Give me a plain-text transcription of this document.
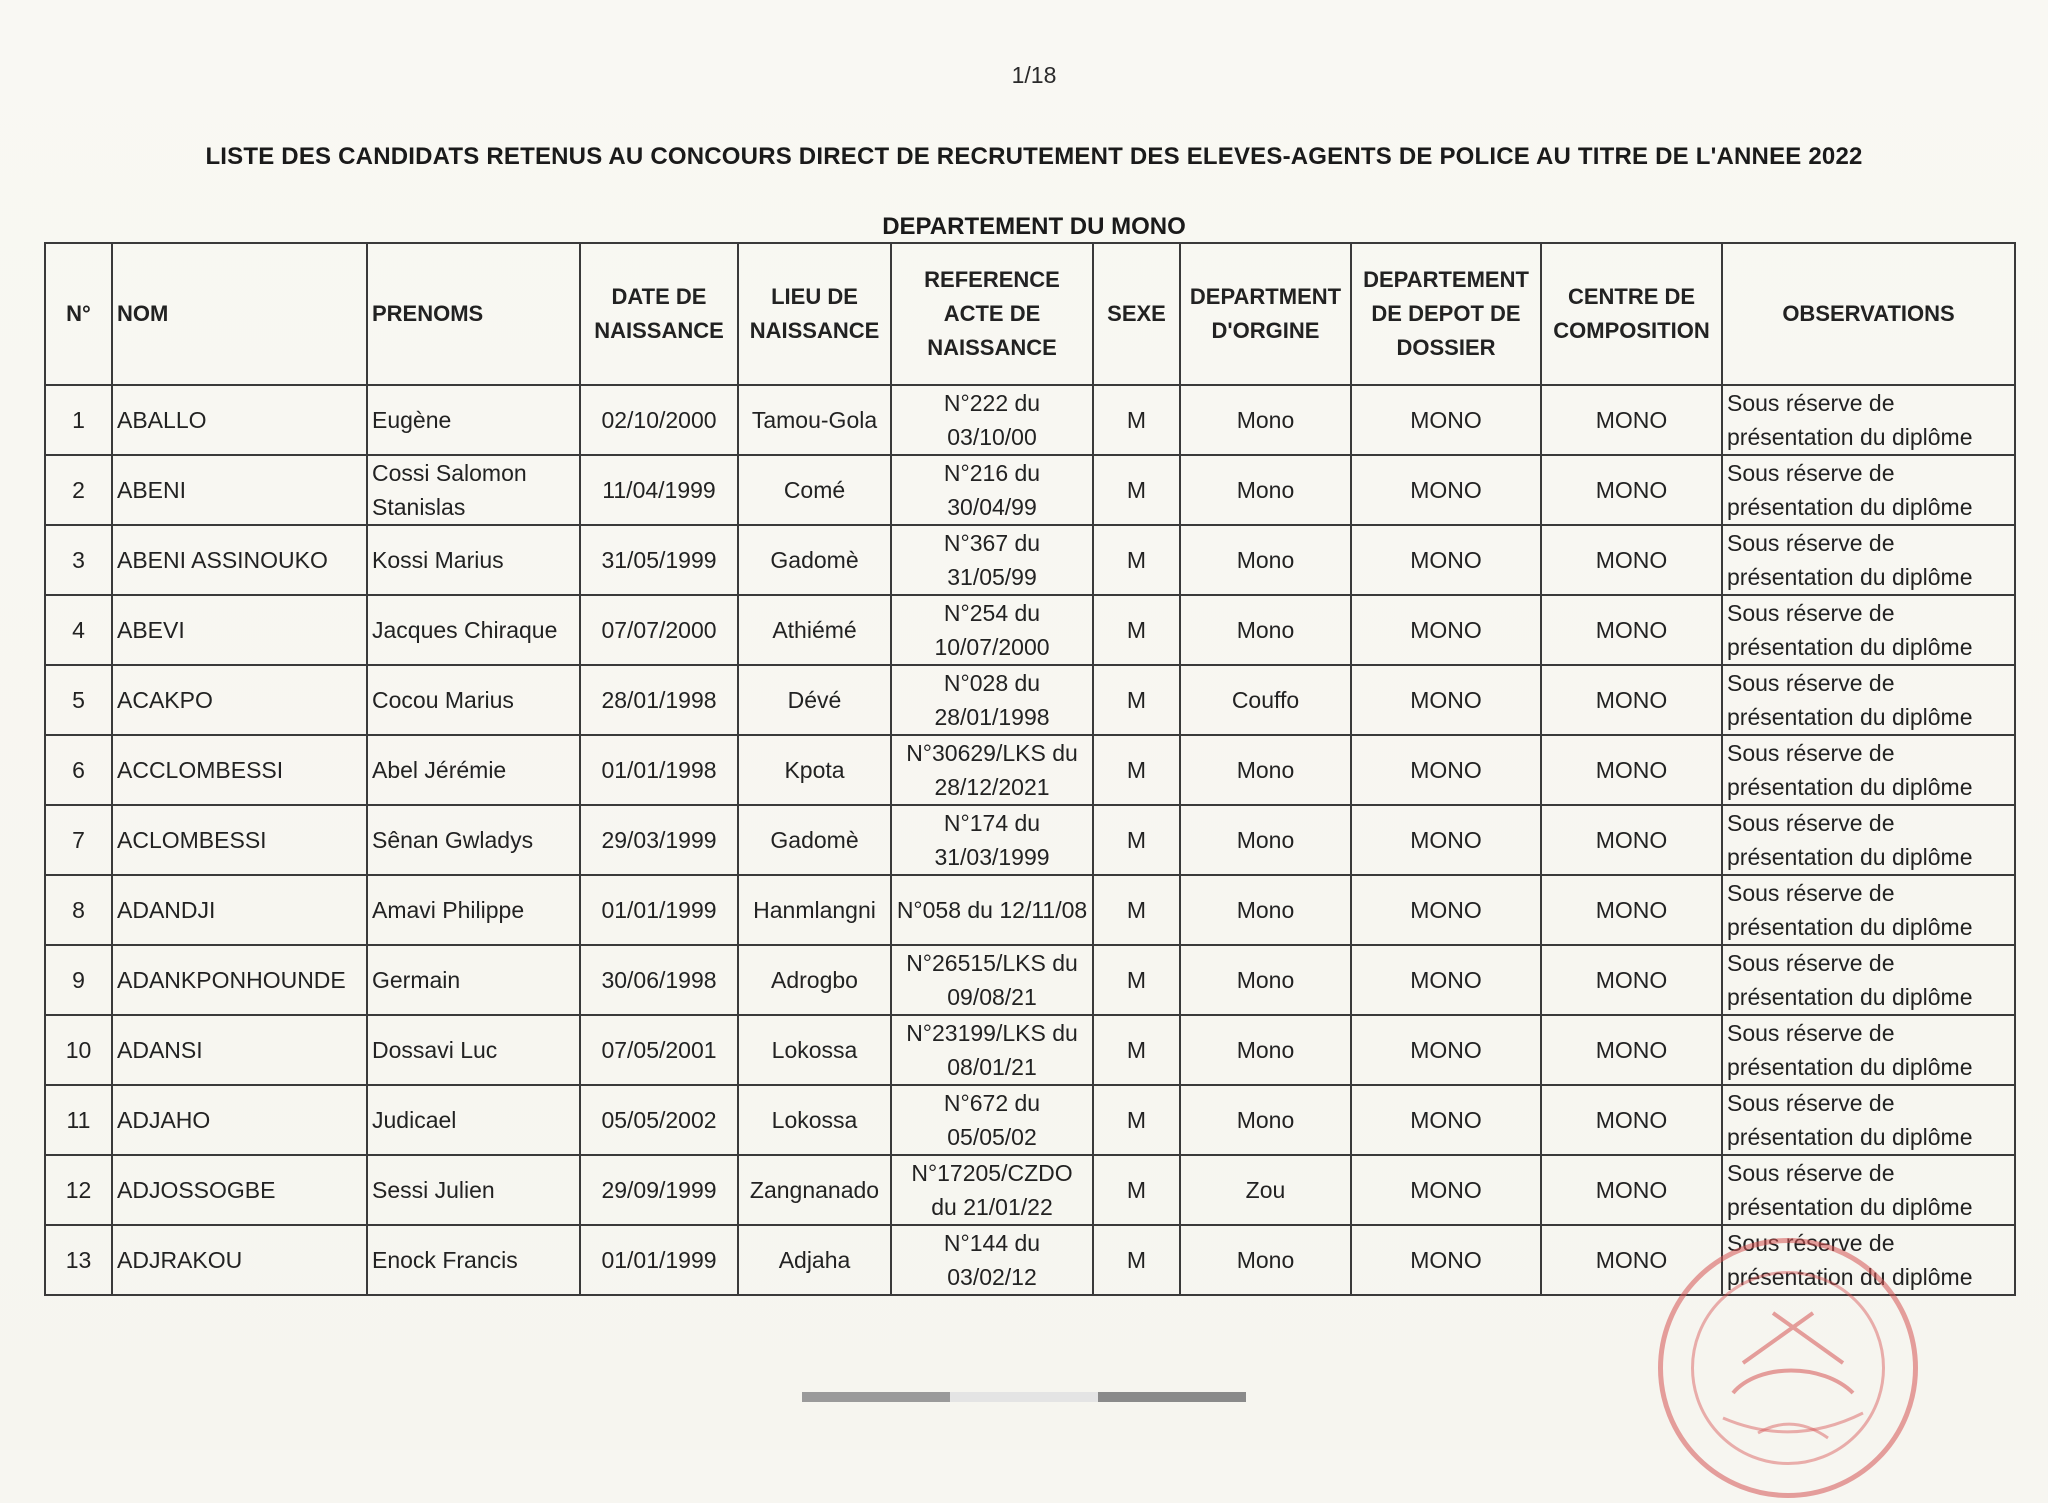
1/18
LISTE DES CANDIDATS RETENUS AU CONCOURS DIRECT DE RECRUTEMENT DES ELEVES-AGENTS DE POLICE AU TITRE DE L'ANNEE 2022
DEPARTEMENT DU MONO
N°	NOM	PRENOMS	DATE DE NAISSANCE	LIEU DE NAISSANCE	REFERENCE ACTE DE NAISSANCE	SEXE	DEPARTMENT D'ORGINE	DEPARTEMENT DE DEPOT DE DOSSIER	CENTRE DE COMPOSITION	OBSERVATIONS
1	ABALLO	Eugène	02/10/2000	Tamou-Gola	N°222 du 03/10/00	M	Mono	MONO	MONO	Sous réserve de présentation du diplôme
2	ABENI	Cossi Salomon Stanislas	11/04/1999	Comé	N°216 du 30/04/99	M	Mono	MONO	MONO	Sous réserve de présentation du diplôme
3	ABENI ASSINOUKO	Kossi Marius	31/05/1999	Gadomè	N°367 du 31/05/99	M	Mono	MONO	MONO	Sous réserve de présentation du diplôme
4	ABEVI	Jacques Chiraque	07/07/2000	Athiémé	N°254 du 10/07/2000	M	Mono	MONO	MONO	Sous réserve de présentation du diplôme
5	ACAKPO	Cocou Marius	28/01/1998	Dévé	N°028 du 28/01/1998	M	Couffo	MONO	MONO	Sous réserve de présentation du diplôme
6	ACCLOMBESSI	Abel Jérémie	01/01/1998	Kpota	N°30629/LKS du 28/12/2021	M	Mono	MONO	MONO	Sous réserve de présentation du diplôme
7	ACLOMBESSI	Sênan Gwladys	29/03/1999	Gadomè	N°174 du 31/03/1999	M	Mono	MONO	MONO	Sous réserve de présentation du diplôme
8	ADANDJI	Amavi Philippe	01/01/1999	Hanmlangni	N°058 du 12/11/08	M	Mono	MONO	MONO	Sous réserve de présentation du diplôme
9	ADANKPONHOUNDE	Germain	30/06/1998	Adrogbo	N°26515/LKS du 09/08/21	M	Mono	MONO	MONO	Sous réserve de présentation du diplôme
10	ADANSI	Dossavi Luc	07/05/2001	Lokossa	N°23199/LKS du 08/01/21	M	Mono	MONO	MONO	Sous réserve de présentation du diplôme
11	ADJAHO	Judicael	05/05/2002	Lokossa	N°672 du 05/05/02	M	Mono	MONO	MONO	Sous réserve de présentation du diplôme
12	ADJOSSOGBE	Sessi Julien	29/09/1999	Zangnanado	N°17205/CZDO du 21/01/22	M	Zou	MONO	MONO	Sous réserve de présentation du diplôme
13	ADJRAKOU	Enock Francis	01/01/1999	Adjaha	N°144 du 03/02/12	M	Mono	MONO	MONO	Sous réserve de présentation du diplôme
